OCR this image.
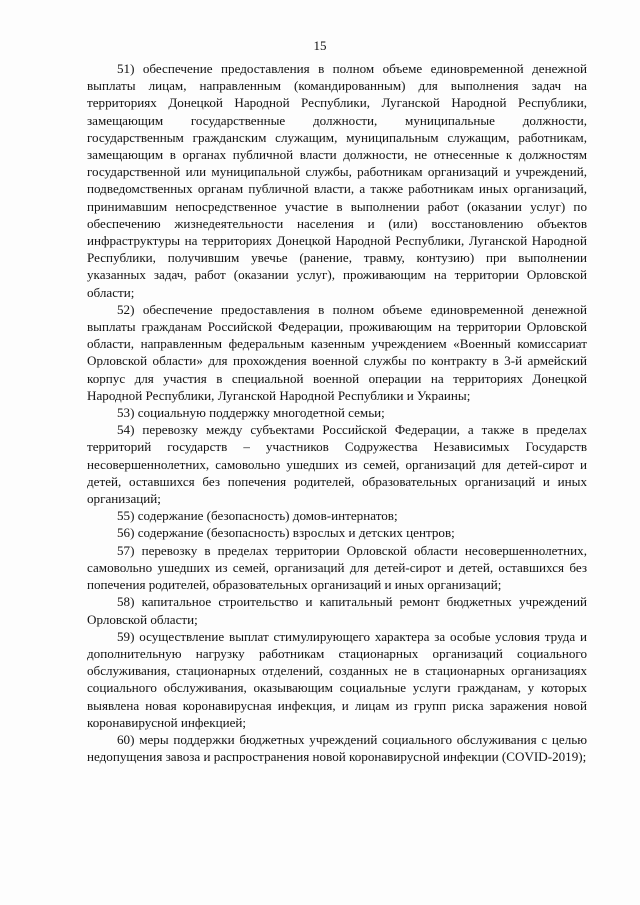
15

51) обеспечение предоставления в полном объеме единовременной денежной выплаты лицам, направленным (командированным) для выполнения задач на территориях Донецкой Народной Республики, Луганской Народной Республики, замещающим государственные должности, муниципальные должности, государственным гражданским служащим, муниципальным служащим, работникам, замещающим в органах публичной власти должности, не отнесенные к должностям государственной или муниципальной службы, работникам организаций и учреждений, подведомственных органам публичной власти, а также работникам иных организаций, принимавшим непосредственное участие в выполнении работ (оказании услуг) по обеспечению жизнедеятельности населения и (или) восстановлению объектов инфраструктуры на территориях Донецкой Народной Республики, Луганской Народной Республики, получившим увечье (ранение, травму, контузию) при выполнении указанных задач, работ (оказании услуг), проживающим на территории Орловской области;

52) обеспечение предоставления в полном объеме единовременной денежной выплаты гражданам Российской Федерации, проживающим на территории Орловской области, направленным федеральным казенным учреждением «Военный комиссариат Орловской области» для прохождения военной службы по контракту в 3-й армейский корпус для участия в специальной военной операции на территориях Донецкой Народной Республики, Луганской Народной Республики и Украины;

53) социальную поддержку многодетной семьи;

54) перевозку между субъектами Российской Федерации, а также в пределах территорий государств – участников Содружества Независимых Государств несовершеннолетних, самовольно ушедших из семей, организаций для детей-сирот и детей, оставшихся без попечения родителей, образовательных организаций и иных организаций;

55) содержание (безопасность) домов-интернатов;

56) содержание (безопасность) взрослых и детских центров;

57) перевозку в пределах территории Орловской области несовершеннолетних, самовольно ушедших из семей, организаций для детей-сирот и детей, оставшихся без попечения родителей, образовательных организаций и иных организаций;

58) капитальное строительство и капитальный ремонт бюджетных учреждений Орловской области;

59) осуществление выплат стимулирующего характера за особые условия труда и дополнительную нагрузку работникам стационарных организаций социального обслуживания, стационарных отделений, созданных не в стационарных организациях социального обслуживания, оказывающим социальные услуги гражданам, у которых выявлена новая коронавирусная инфекция, и лицам из групп риска заражения новой коронавирусной инфекцией;

60) меры поддержки бюджетных учреждений социального обслуживания с целью недопущения завоза и распространения новой коронавирусной инфекции (COVID-2019);
